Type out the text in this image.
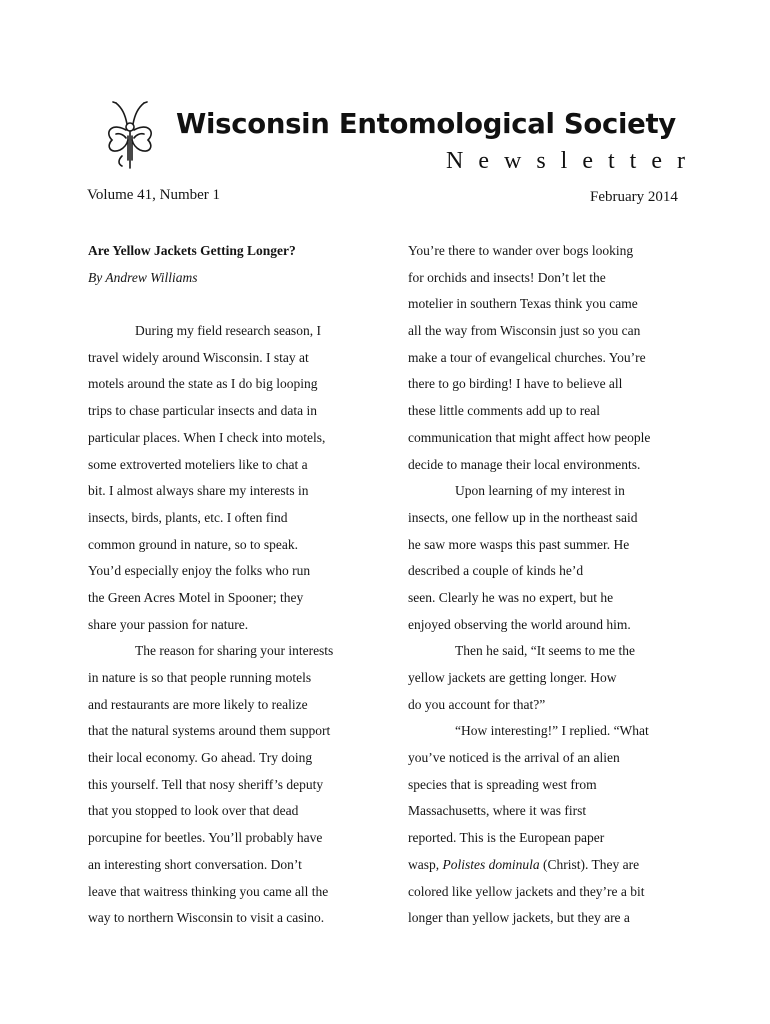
Wisconsin Entomological Society
Newsletter
Volume 41, Number 1	February 2014
Are Yellow Jackets Getting Longer?
By Andrew Williams
During my field research season, I
travel widely around Wisconsin. I stay at
motels around the state as I do big looping
trips to chase particular insects and data in
particular places. When I check into motels,
some extroverted moteliers like to chat a
bit. I almost always share my interests in
insects, birds, plants, etc. I often find
common ground in nature, so to speak.
You’d especially enjoy the folks who run
the Green Acres Motel in Spooner; they
share your passion for nature.
The reason for sharing your interests
in nature is so that people running motels
and restaurants are more likely to realize
that the natural systems around them support
their local economy. Go ahead. Try doing
this yourself. Tell that nosy sheriff’s deputy
that you stopped to look over that dead
porcupine for beetles. You’ll probably have
an interesting short conversation. Don’t
leave that waitress thinking you came all the
way to northern Wisconsin to visit a casino.
You’re there to wander over bogs looking
for orchids and insects! Don’t let the
motelier in southern Texas think you came
all the way from Wisconsin just so you can
make a tour of evangelical churches. You’re
there to go birding! I have to believe all
these little comments add up to real
communication that might affect how people
decide to manage their local environments.
Upon learning of my interest in
insects, one fellow up in the northeast said
he saw more wasps this past summer. He
described a couple of kinds he’d
seen. Clearly he was no expert, but he
enjoyed observing the world around him.
Then he said, “It seems to me the
yellow jackets are getting longer. How
do you account for that?”
“How interesting!” I replied. “What
you’ve noticed is the arrival of an alien
species that is spreading west from
Massachusetts, where it was first
reported. This is the European paper
wasp, Polistes dominula (Christ). They are
colored like yellow jackets and they’re a bit
longer than yellow jackets, but they are a
